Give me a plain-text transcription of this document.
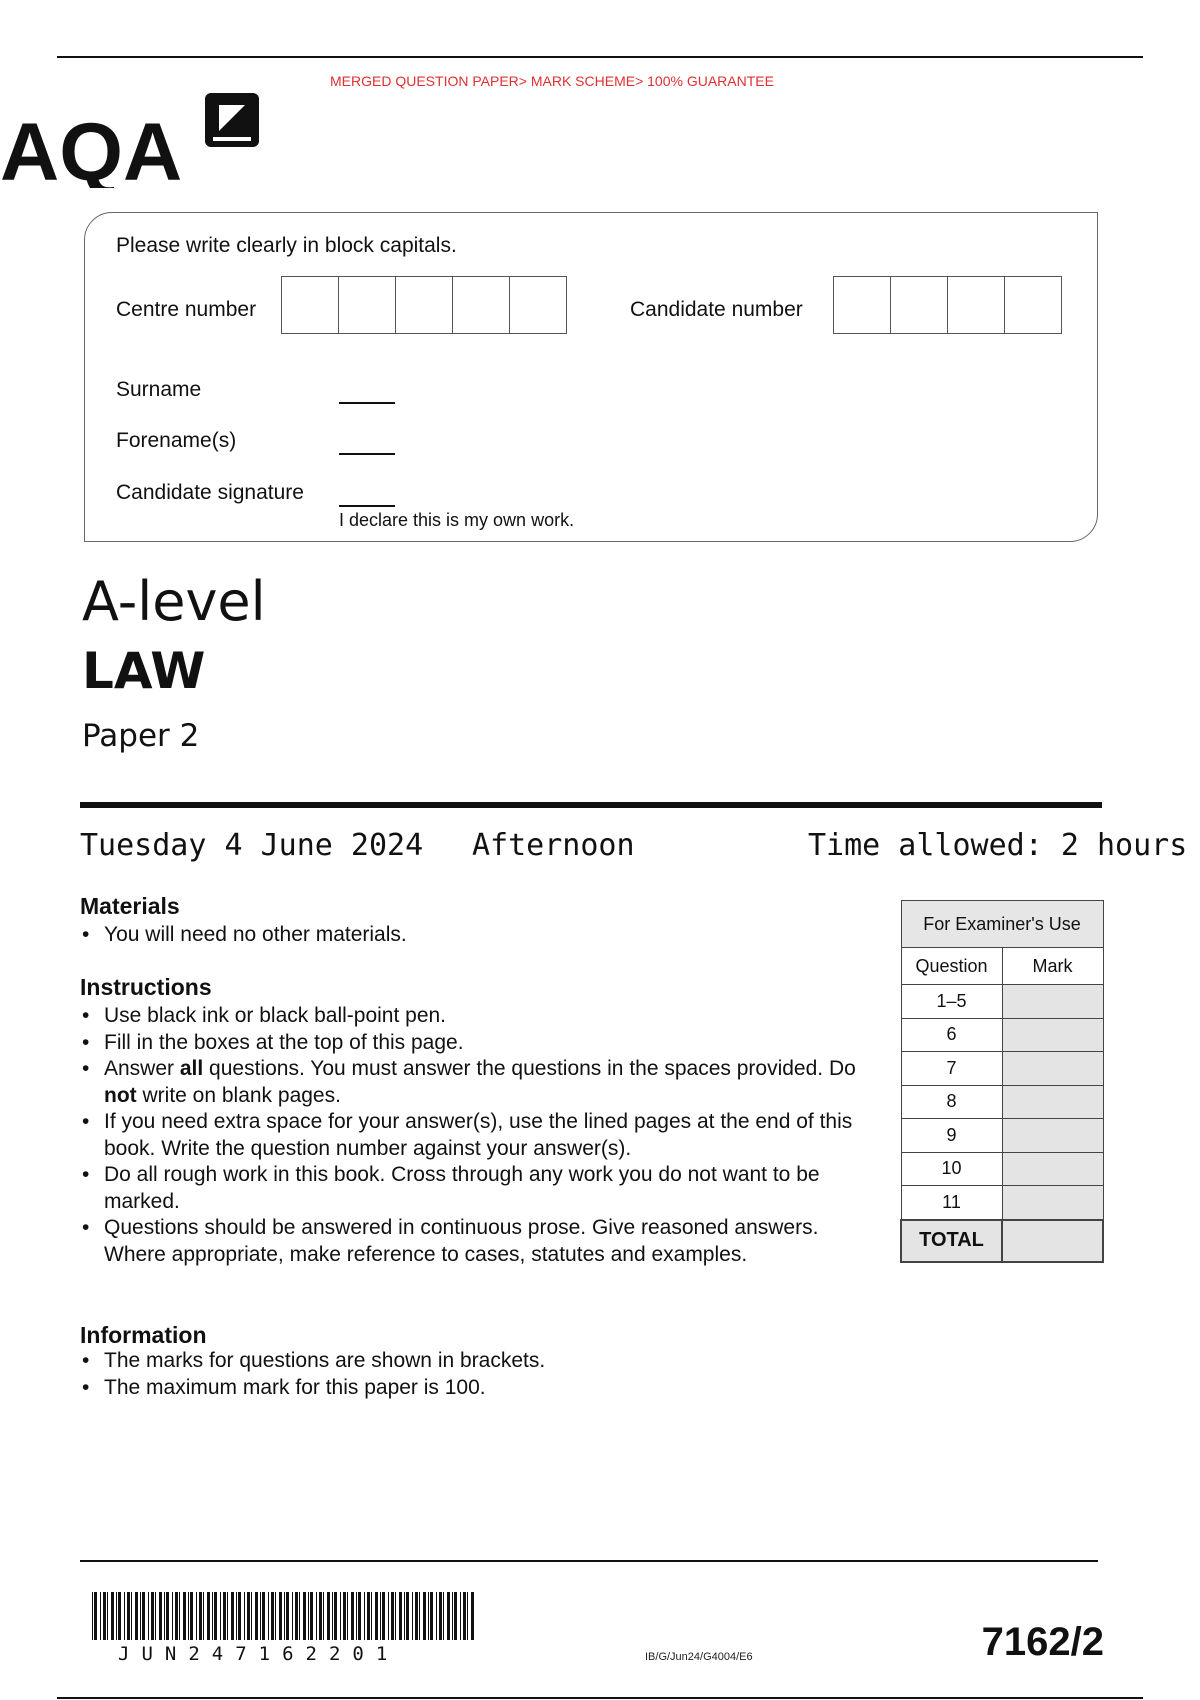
MERGED QUESTION PAPER> MARK SCHEME> 100% GUARANTEE
AQA
Please write clearly in block capitals.
Centre number	Candidate number
Surname
Forename(s)
Candidate signature
I declare this is my own work.
A-level
LAW
Paper 2
Tuesday 4 June 2024 Afternoon	Time allowed: 2 hours
Materials
• You will need no other materials.
Instructions
• Use black ink or black ball-point pen.
• Fill in the boxes at the top of this page.
• Answer all questions. You must answer the questions in the spaces provided. Do not write on blank pages.
• If you need extra space for your answer(s), use the lined pages at the end of this book. Write the question number against your answer(s).
• Do all rough work in this book. Cross through any work you do not want to be marked.
• Questions should be answered in continuous prose. Give reasoned answers. Where appropriate, make reference to cases, statutes and examples.
Information
• The marks for questions are shown in brackets.
• The maximum mark for this paper is 100.
For Examiner's Use	
Question	Mark
1–5	
6	
7	
8	
9	
10	
11	
TOTAL	
JUN2471622​01	IB/G/Jun24/G4004/E6	7162/2
